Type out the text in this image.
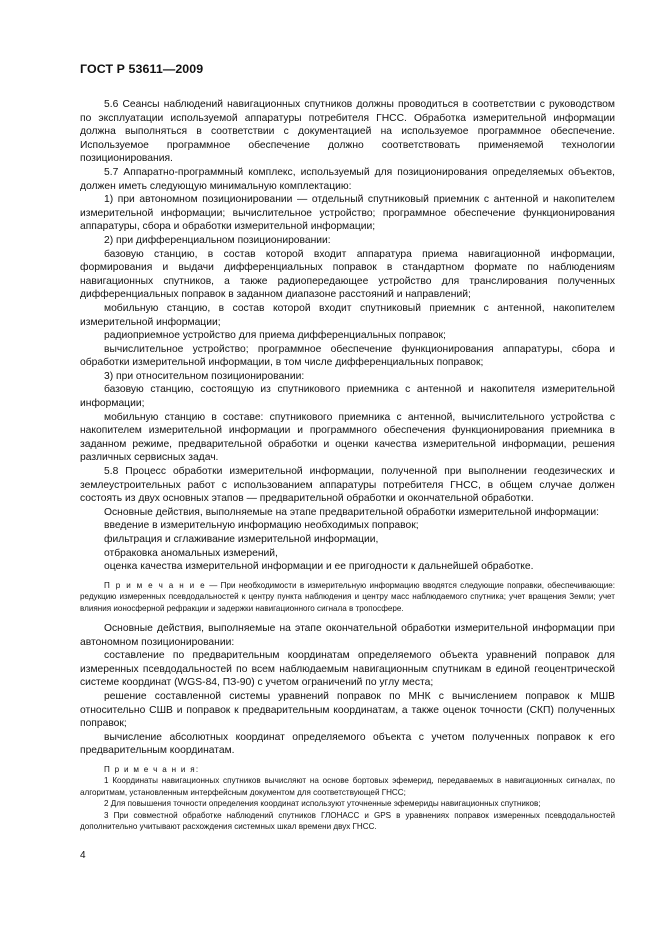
ГОСТ Р 53611—2009

5.6 Сеансы наблюдений навигационных спутников должны проводиться в соответствии с руководством по эксплуатации используемой аппаратуры потребителя ГНСС. Обработка измерительной информации должна выполняться в соответствии с документацией на используемое программное обеспечение. Используемое программное обеспечение должно соответствовать применяемой технологии позиционирования.

5.7 Аппаратно-программный комплекс, используемый для позиционирования определяемых объектов, должен иметь следующую минимальную комплектацию:

1) при автономном позиционировании — отдельный спутниковый приемник с антенной и накопителем измерительной информации; вычислительное устройство; программное обеспечение функционирования аппаратуры, сбора и обработки измерительной информации;

2) при дифференциальном позиционировании:

базовую станцию, в состав которой входит аппаратура приема навигационной информации, формирования и выдачи дифференциальных поправок в стандартном формате по наблюдениям навигационных спутников, а также радиопередающее устройство для транслирования полученных дифференциальных поправок в заданном диапазоне расстояний и направлений;

мобильную станцию, в состав которой входит спутниковый приемник с антенной, накопителем измерительной информации;

радиоприемное устройство для приема дифференциальных поправок;

вычислительное устройство; программное обеспечение функционирования аппаратуры, сбора и обработки измерительной информации, в том числе дифференциальных поправок;

3) при относительном позиционировании:

базовую станцию, состоящую из спутникового приемника с антенной и накопителя измерительной информации;

мобильную станцию в составе: спутникового приемника с антенной, вычислительного устройства с накопителем измерительной информации и программного обеспечения функционирования приемника в заданном режиме, предварительной обработки и оценки качества измерительной информации, решения различных сервисных задач.

5.8 Процесс обработки измерительной информации, полученной при выполнении геодезических и землеустроительных работ с использованием аппаратуры потребителя ГНСС, в общем случае должен состоять из двух основных этапов — предварительной обработки и окончательной обработки.

Основные действия, выполняемые на этапе предварительной обработки измерительной информации:

введение в измерительную информацию необходимых поправок;

фильтрация и сглаживание измерительной информации,

отбраковка аномальных измерений,

оценка качества измерительной информации и ее пригодности к дальнейшей обработке.

П р и м е ч а н и е — При необходимости в измерительную информацию вводятся следующие поправки, обеспечивающие: редукцию измеренных псевдодальностей к центру пункта наблюдения и центру масс наблюдаемого спутника; учет вращения Земли; учет влияния ионосферной рефракции и задержки навигационного сигнала в тропосфере.

Основные действия, выполняемые на этапе окончательной обработки измерительной информации при автономном позиционировании:

составление по предварительным координатам определяемого объекта уравнений поправок для измеренных псевдодальностей по всем наблюдаемым навигационным спутникам в единой геоцентрической системе координат (WGS-84, ПЗ-90) с учетом ограничений по углу места;

решение составленной системы уравнений поправок по МНК с вычислением поправок к МШВ относительно СШВ и поправок к предварительным координатам, а также оценок точности (СКП) полученных поправок;

вычисление абсолютных координат определяемого объекта с учетом полученных поправок к его предварительным координатам.

П р и м е ч а н и я:

1 Координаты навигационных спутников вычисляют на основе бортовых эфемерид, передаваемых в навигационных сигналах, по алгоритмам, установленным интерфейсным документом для соответствующей ГНСС;

2 Для повышения точности определения координат используют уточненные эфемериды навигационных спутников;

3 При совместной обработке наблюдений спутников ГЛОНАСС и GPS в уравнениях поправок измеренных псевдодальностей дополнительно учитывают расхождения системных шкал времени двух ГНСС.

4
